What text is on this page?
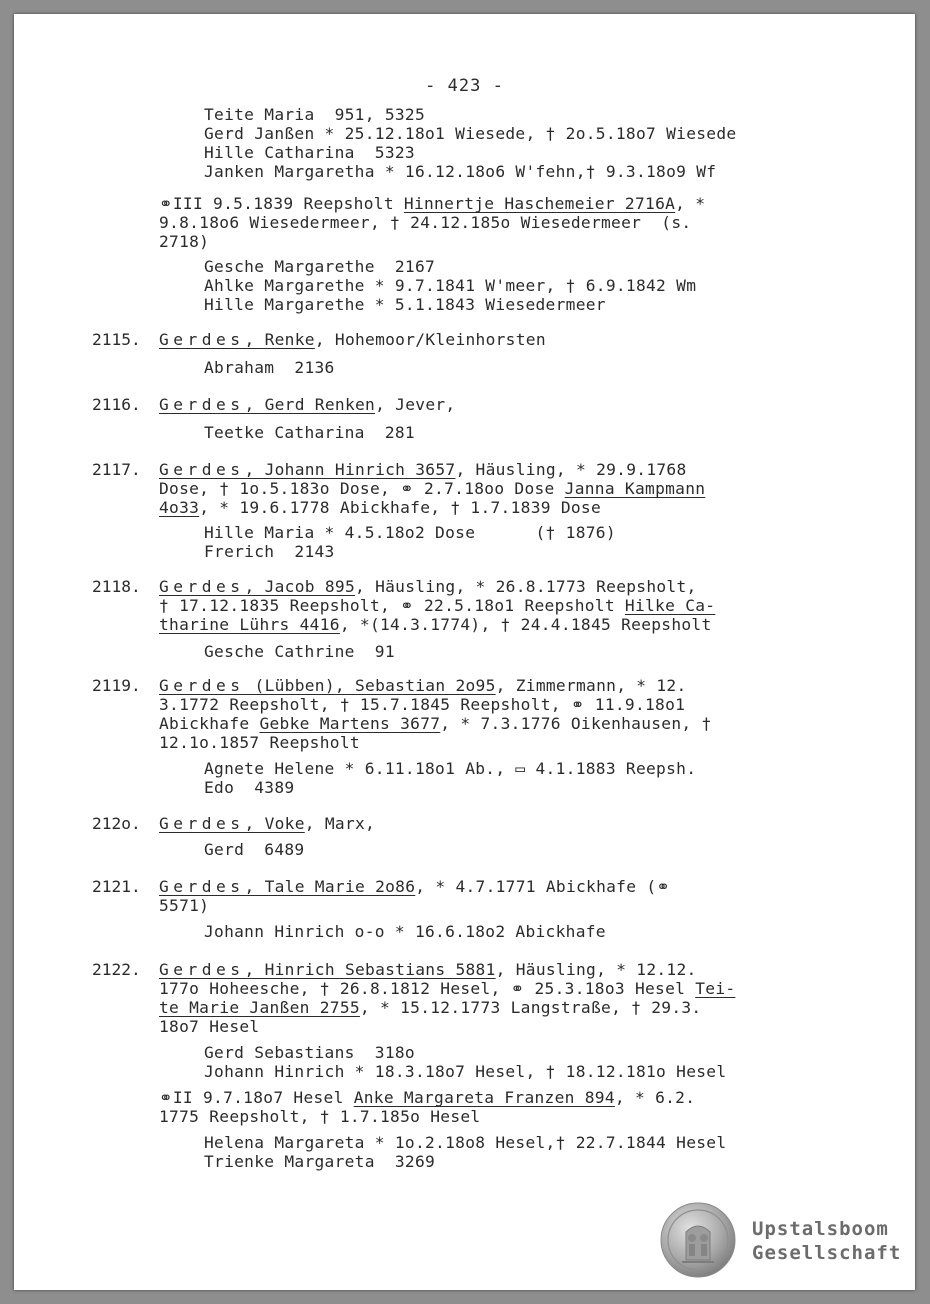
- 423 -
Teite Maria  951, 5325
Gerd Janßen * 25.12.18o1 Wiesede, † 2o.5.18o7 Wiesede
Hille Catharina  5323
Janken Margaretha * 16.12.18o6 W'fehn,† 9.3.18o9 Wf
⚭III 9.5.1839 Reepsholt Hinnertje Haschemeier 2716A, *
9.8.18o6 Wiesedermeer, † 24.12.185o Wiesedermeer  (s.
2718)
Gesche Margarethe  2167
Ahlke Margarethe * 9.7.1841 W'meer, † 6.9.1842 Wm
Hille Margarethe * 5.1.1843 Wiesedermeer
2115. Gerdes, Renke, Hohemoor/Kleinhorsten
Abraham  2136
2116. Gerdes, Gerd Renken, Jever,
Teetke Catharina  281
2117. Gerdes, Johann Hinrich 3657, Häusling, * 29.9.1768
Dose, † 1o.5.183o Dose, ⚭ 2.7.18oo Dose Janna Kampmann
4o33, * 19.6.1778 Abickhafe, † 1.7.1839 Dose
Hille Maria * 4.5.18o2 Dose      († 1876)
Frerich  2143
2118. Gerdes, Jacob 895, Häusling, * 26.8.1773 Reepsholt,
† 17.12.1835 Reepsholt, ⚭ 22.5.18o1 Reepsholt Hilke Ca-
tharine Lührs 4416, *(14.3.1774), † 24.4.1845 Reepsholt
Gesche Cathrine  91
2119. Gerdes (Lübben), Sebastian 2o95, Zimmermann, * 12.
3.1772 Reepsholt, † 15.7.1845 Reepsholt, ⚭ 11.9.18o1
Abickhafe Gebke Martens 3677, * 7.3.1776 Oikenhausen, †
12.1o.1857 Reepsholt
Agnete Helene * 6.11.18o1 Ab., ▭ 4.1.1883 Reepsh.
Edo  4389
212o. Gerdes, Voke, Marx,
Gerd  6489
2121. Gerdes, Tale Marie 2o86, * 4.7.1771 Abickhafe (⚭
5571)
Johann Hinrich o-o * 16.6.18o2 Abickhafe
2122. Gerdes, Hinrich Sebastians 5881, Häusling, * 12.12.
177o Hoheesche, † 26.8.1812 Hesel, ⚭ 25.3.18o3 Hesel Tei-
te Marie Janßen 2755, * 15.12.1773 Langstraße, † 29.3.
18o7 Hesel
Gerd Sebastians  318o
Johann Hinrich * 18.3.18o7 Hesel, † 18.12.181o Hesel
⚭II 9.7.18o7 Hesel Anke Margareta Franzen 894, * 6.2.
1775 Reepsholt, † 1.7.185o Hesel
Helena Margareta * 1o.2.18o8 Hesel,† 22.7.1844 Hesel
Trienke Margareta  3269
Upstalsboom
Gesellschaft
